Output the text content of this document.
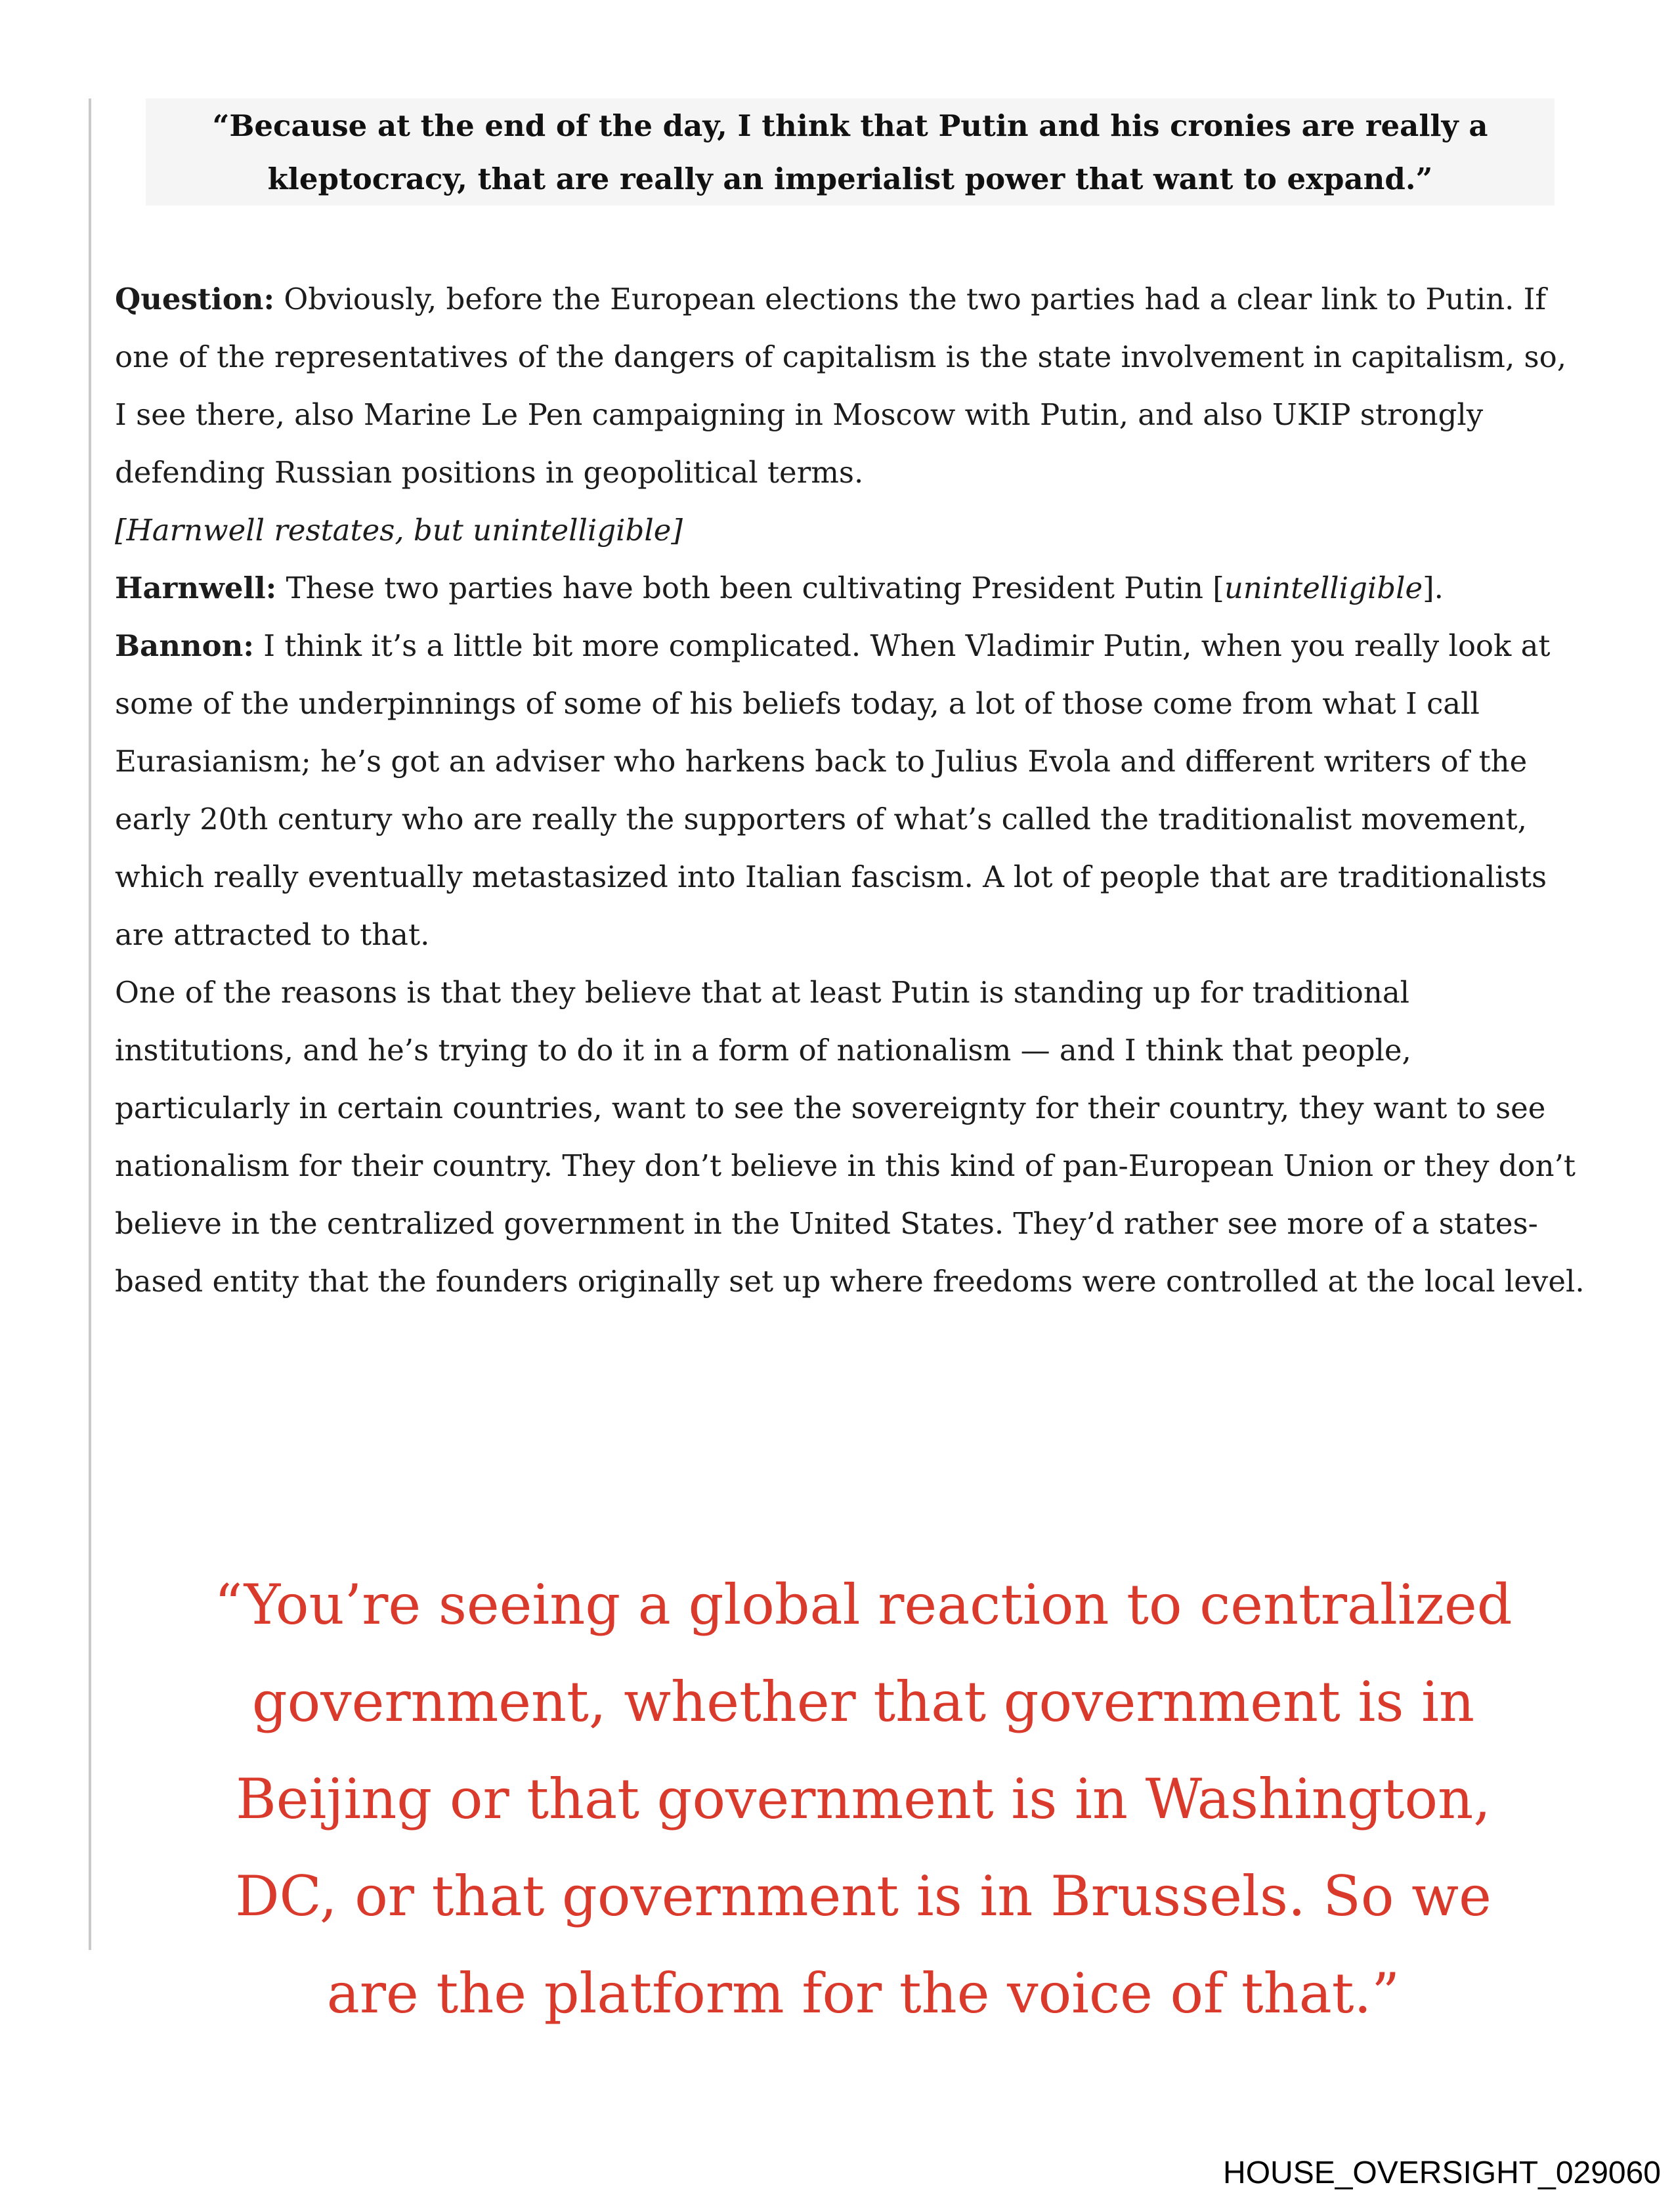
“Because at the end of the day, I think that Putin and his cronies are really a
kleptocracy, that are really an imperialist power that want to expand.”

Question: Obviously, before the European elections the two parties had a clear link to Putin. If one of the representatives of the dangers of capitalism is the state involvement in capitalism, so, I see there, also Marine Le Pen campaigning in Moscow with Putin, and also UKIP strongly defending Russian positions in geopolitical terms.

[Harnwell restates, but unintelligible]

Harnwell: These two parties have both been cultivating President Putin [unintelligible].

Bannon: I think it’s a little bit more complicated. When Vladimir Putin, when you really look at some of the underpinnings of some of his beliefs today, a lot of those come from what I call Eurasianism; he’s got an adviser who harkens back to Julius Evola and different writers of the early 20th century who are really the supporters of what’s called the traditionalist movement, which really eventually metastasized into Italian fascism. A lot of people that are traditionalists are attracted to that.

One of the reasons is that they believe that at least Putin is standing up for traditional institutions, and he’s trying to do it in a form of nationalism — and I think that people, particularly in certain countries, want to see the sovereignty for their country, they want to see nationalism for their country. They don’t believe in this kind of pan-European Union or they don’t believe in the centralized government in the United States. They’d rather see more of a states-based entity that the founders originally set up where freedoms were controlled at the local level.

“You’re seeing a global reaction to centralized
government, whether that government is in
Beijing or that government is in Washington,
DC, or that government is in Brussels. So we
are the platform for the voice of that.”
HOUSE_OVERSIGHT_029060
